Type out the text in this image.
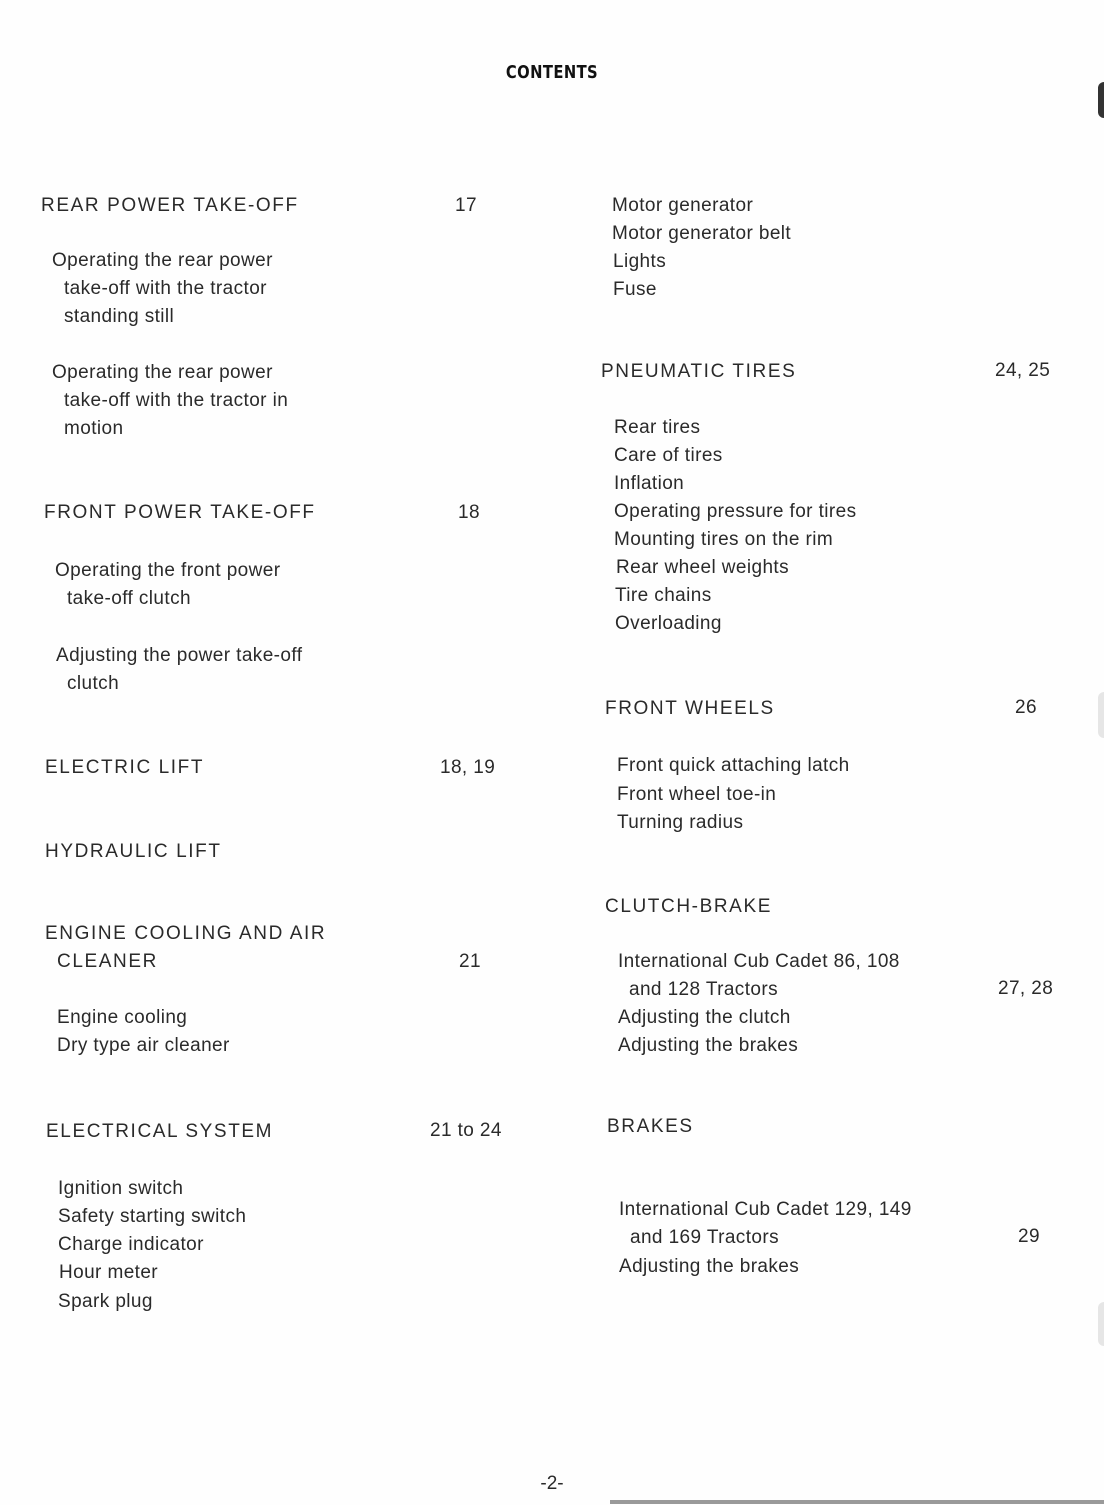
CONTENTS
REAR POWER TAKE-OFF	17
Operating the rear power
take-off with the tractor
standing still
Operating the rear power
take-off with the tractor in
motion
FRONT POWER TAKE-OFF	18
Operating the front power
take-off clutch
Adjusting the power take-off
clutch
ELECTRIC LIFT	18, 19
HYDRAULIC LIFT
ENGINE COOLING AND AIR
CLEANER	21
Engine cooling
Dry type air cleaner
ELECTRICAL SYSTEM	21 to 24
Ignition switch
Safety starting switch
Charge indicator
Hour meter
Spark plug
Motor generator
Motor generator belt
Lights
Fuse
PNEUMATIC TIRES	24, 25
Rear tires
Care of tires
Inflation
Operating pressure for tires
Mounting tires on the rim
Rear wheel weights
Tire chains
Overloading
FRONT WHEELS	26
Front quick attaching latch
Front wheel toe-in
Turning radius
CLUTCH-BRAKE
International Cub Cadet 86, 108
and 128 Tractors	27, 28
Adjusting the clutch
Adjusting the brakes
BRAKES
International Cub Cadet 129, 149
and 169 Tractors	29
Adjusting the brakes
-2-
